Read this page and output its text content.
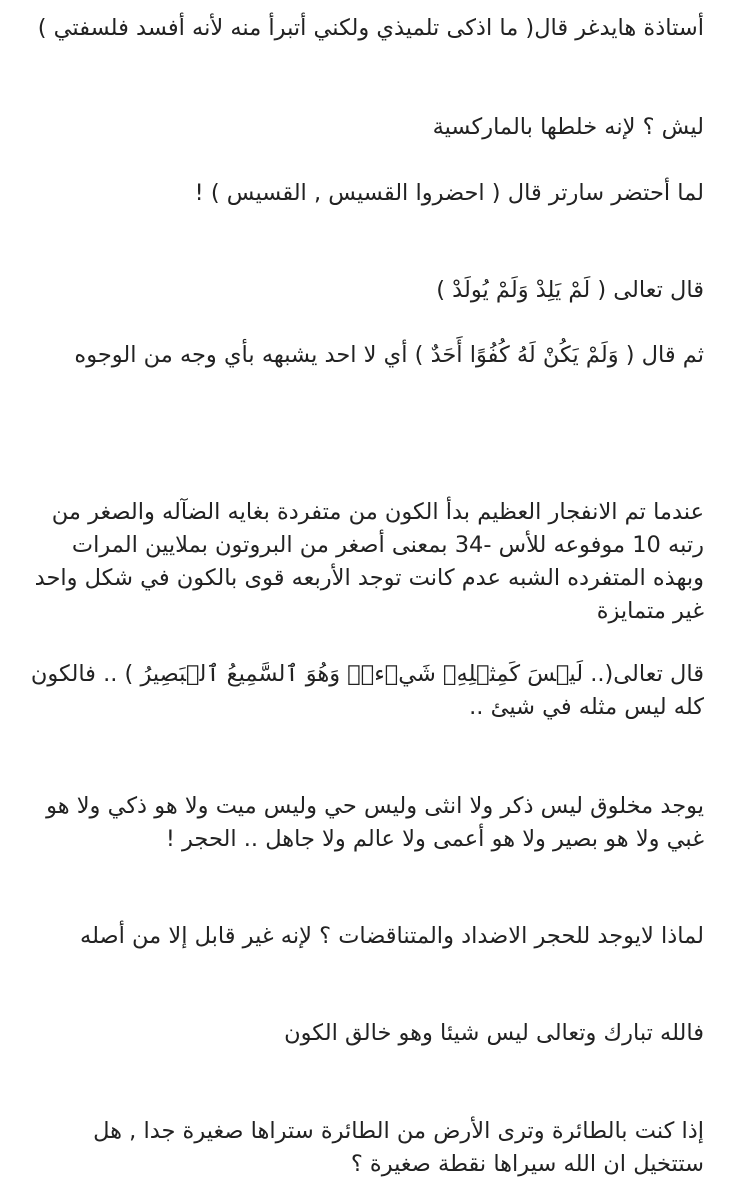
أستاذة هايدغر قال( ما اذكى تلميذي ولكني أتبرأ منه لأنه أفسد فلسفتي )

ليش ؟ لإنه خلطها بالماركسية

لما أحتضر سارتر قال ( احضروا القسيس , القسيس ) !

قال تعالى ( لَمْ يَلِدْ وَلَمْ يُولَدْ )

ثم قال ( وَلَمْ يَكُنْ لَهُ كُفُوًا أَحَدٌ ) أي لا احد يشبهه بأي وجه من الوجوه

عندما تم الانفجار العظيم بدأ الكون من متفردة بغايه الضآله والصغر من رتبه 10 موفوعه للأس -34 بمعنى أصغر من البروتون بملايين المرات وبهذه المتفرده الشبه عدم كانت توجد الأربعه قوى بالكون في شكل واحد غير متمايزة

قال تعالى(.. لَيۡسَ كَمِثۡلِهِۦ شَيۡءٞۖ وَهُوَ ٱلسَّمِيعُ ٱلۡبَصِيرُ ) .. فالكون كله ليس مثله في شيئ ..

يوجد مخلوق ليس ذكر ولا انثى وليس حي وليس ميت ولا هو ذكي ولا هو غبي ولا هو بصير ولا هو أعمى ولا عالم ولا جاهل .. الحجر !

لماذا لايوجد للحجر الاضداد والمتناقضات ؟ لإنه غير قابل إلا من أصله

فالله تبارك وتعالى ليس شيئا وهو خالق الكون

إذا كنت بالطائرة وترى الأرض من الطائرة ستراها صغيرة جدا , هل ستتخيل ان الله سيراها نقطة صغيرة ؟
